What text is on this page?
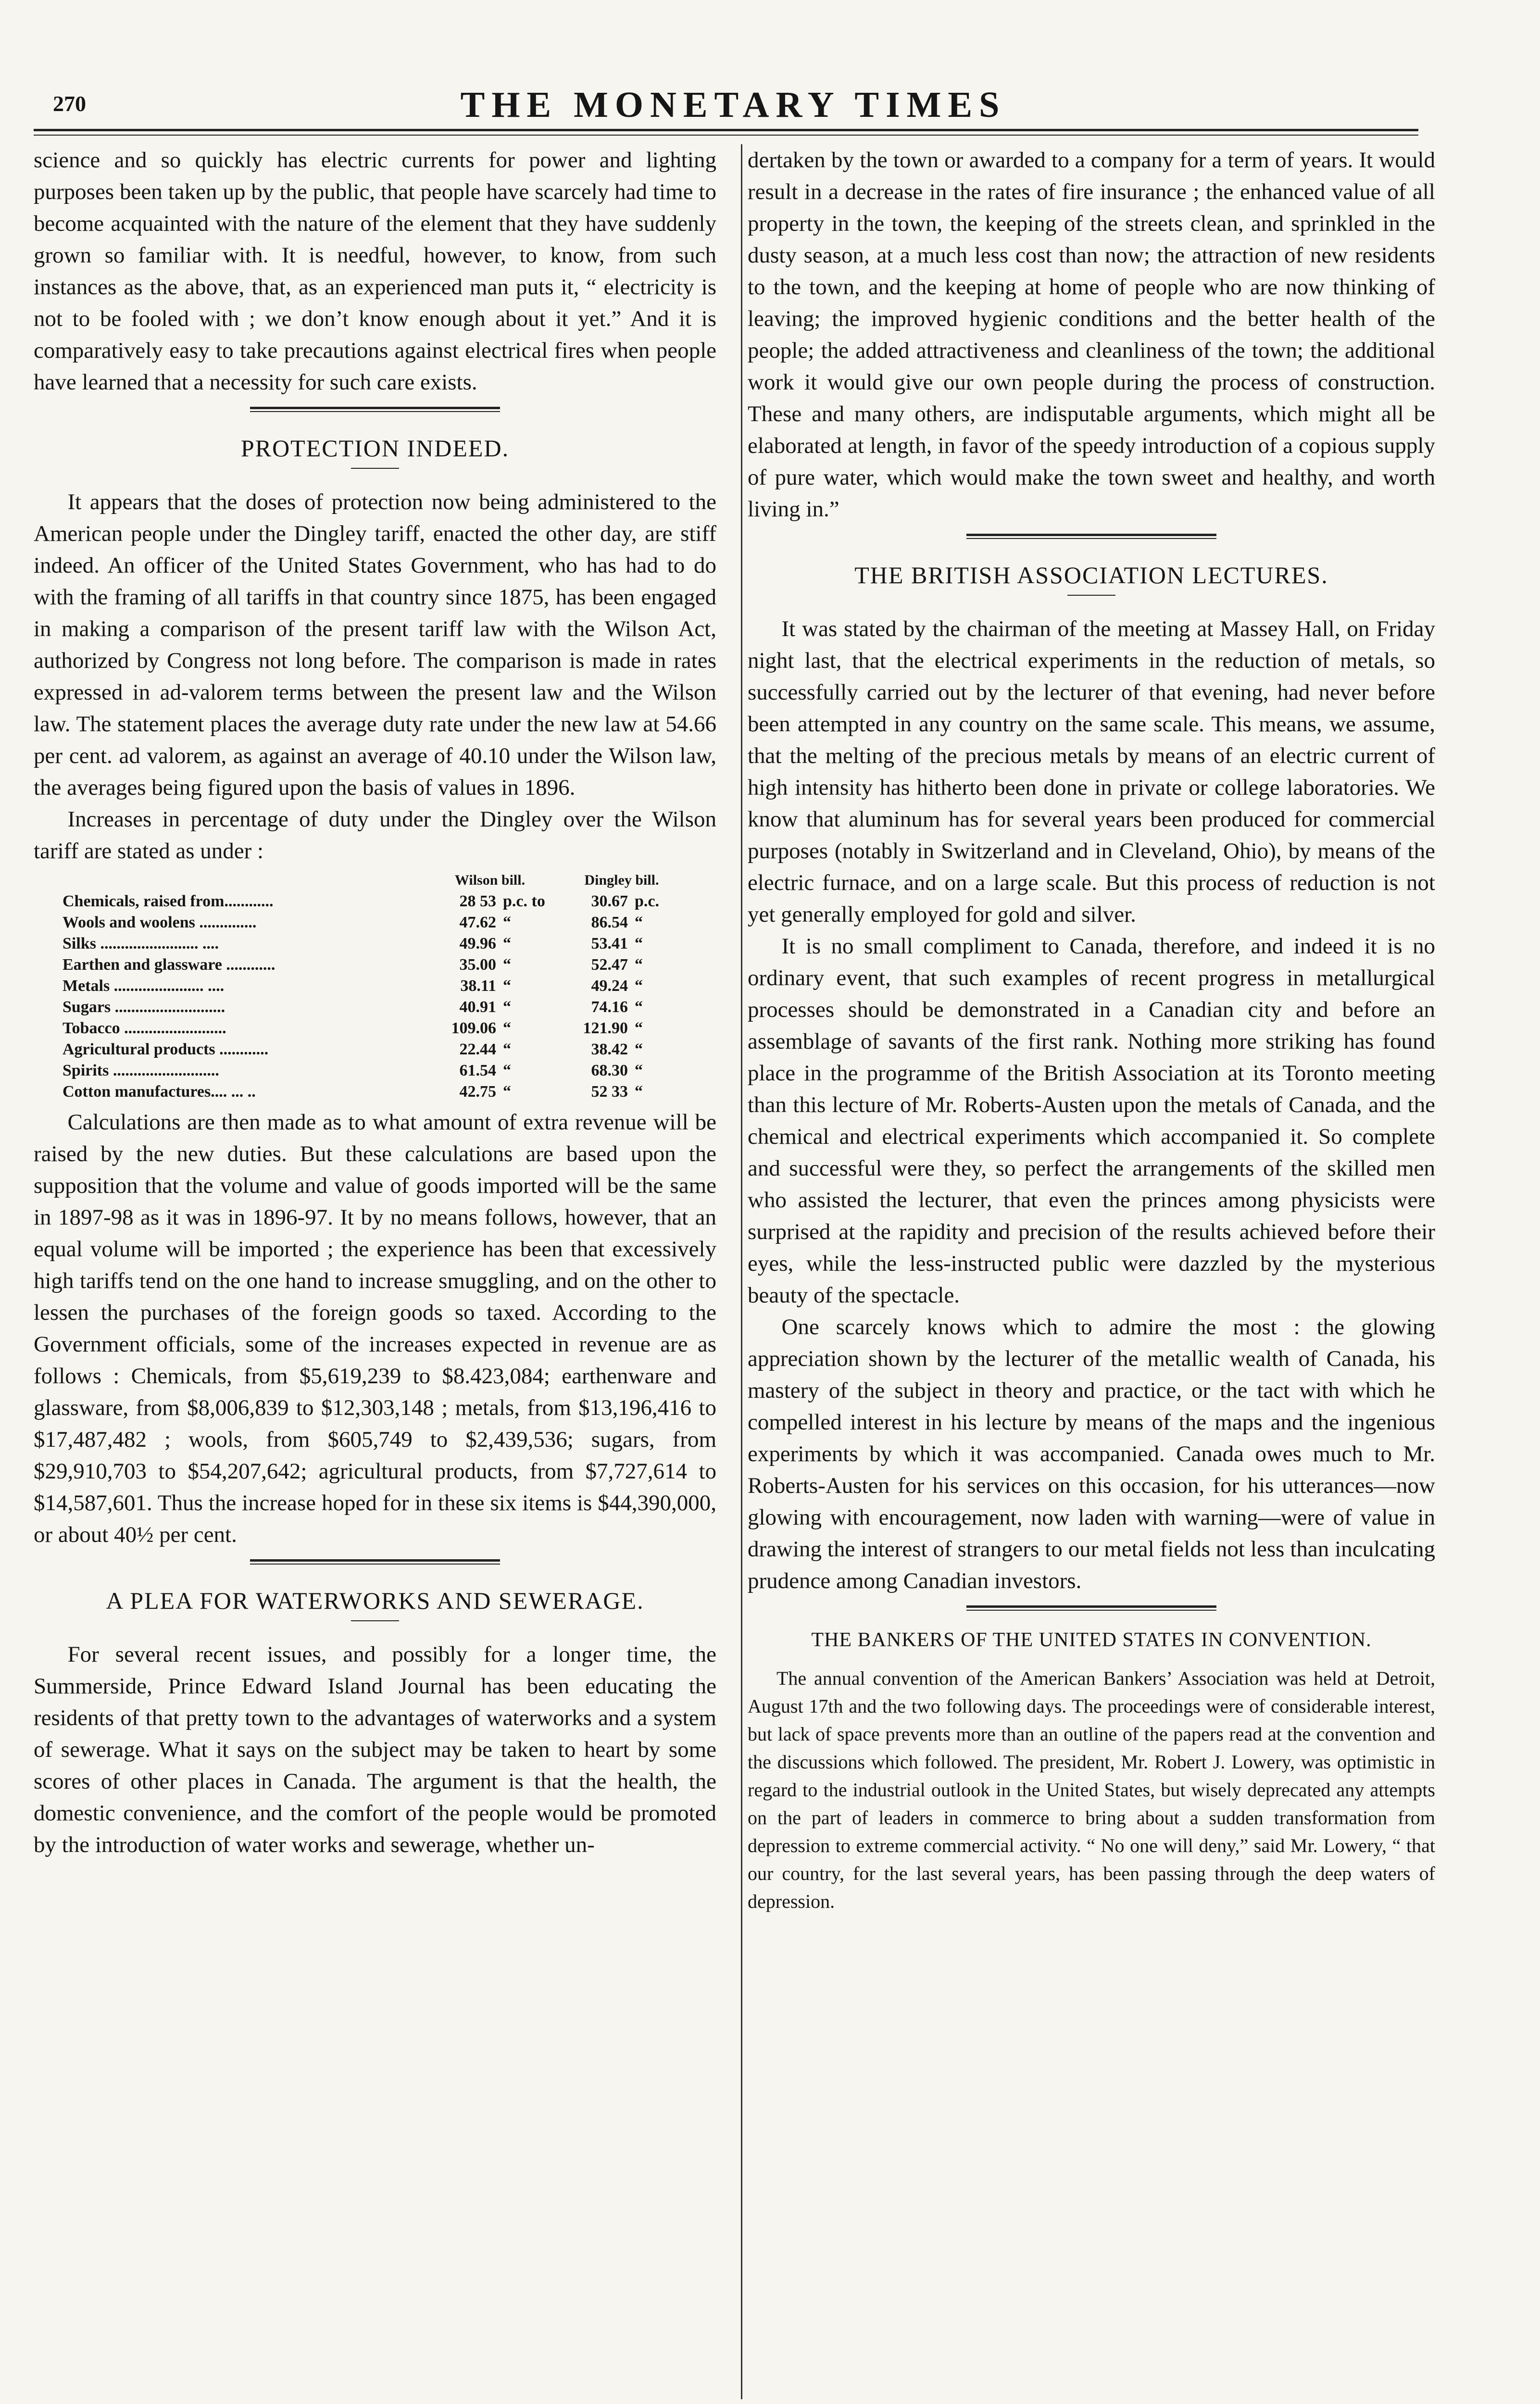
270	THE MONETARY TIMES

science and so quickly has electric currents for power and lighting purposes been taken up by the public, that people have scarcely had time to become acquainted with the nature of the element that they have suddenly grown so familiar with. It is needful, however, to know, from such instances as the above, that, as an experienced man puts it, “ electricity is not to be fooled with ; we don’t know enough about it yet.” And it is comparatively easy to take precautions against electrical fires when people have learned that a necessity for such care exists.

PROTECTION INDEED.

It appears that the doses of protection now being administered to the American people under the Dingley tariff, enacted the other day, are stiff indeed. An officer of the United States Government, who has had to do with the framing of all tariffs in that country since 1875, has been engaged in making a comparison of the present tariff law with the Wilson Act, authorized by Congress not long before. The comparison is made in rates expressed in ad-valorem terms between the present law and the Wilson law. The statement places the average duty rate under the new law at 54.66 per cent. ad valorem, as against an average of 40.10 under the Wilson law, the averages being figured upon the basis of values in 1896.

Increases in percentage of duty under the Dingley over the Wilson tariff are stated as under :

	Wilson bill.		Dingley bill.	
Chemicals, raised from............	28 53	p.c. to	30.67	p.c.
Wools and woolens ..............	47.62	“	86.54	“
Silks ........................ ....	49.96	“	53.41	“
Earthen and glassware ............	35.00	“	52.47	“
Metals ...................... ....	38.11	“	49.24	“
Sugars ...........................	40.91	“	74.16	“
Tobacco .........................	109.06	“	121.90	“
Agricultural products ............	22.44	“	38.42	“
Spirits ..........................	61.54	“	68.30	“
Cotton manufactures.... ... ..	42.75	“	52 33	“

Calculations are then made as to what amount of extra revenue will be raised by the new duties. But these calculations are based upon the supposition that the volume and value of goods imported will be the same in 1897-98 as it was in 1896-97. It by no means follows, however, that an equal volume will be imported ; the experience has been that excessively high tariffs tend on the one hand to increase smuggling, and on the other to lessen the purchases of the foreign goods so taxed. According to the Government officials, some of the increases expected in revenue are as follows : Chemicals, from $5,619,239 to $8.423,084; earthenware and glassware, from $8,006,839 to $12,303,148 ; metals, from $13,196,416 to $17,487,482 ; wools, from $605,749 to $2,439,536; sugars, from $29,910,703 to $54,207,642; agricultural products, from $7,727,614 to $14,587,601. Thus the increase hoped for in these six items is $44,390,000, or about 40½ per cent.

A PLEA FOR WATERWORKS AND SEWERAGE.

For several recent issues, and possibly for a longer time, the Summerside, Prince Edward Island Journal has been educating the residents of that pretty town to the advantages of waterworks and a system of sewerage. What it says on the subject may be taken to heart by some scores of other places in Canada. The argument is that the health, the domestic convenience, and the comfort of the people would be promoted by the introduction of water works and sewerage, whether un-

dertaken by the town or awarded to a company for a term of years. It would result in a decrease in the rates of fire insurance ; the enhanced value of all property in the town, the keeping of the streets clean, and sprinkled in the dusty season, at a much less cost than now; the attraction of new residents to the town, and the keeping at home of people who are now thinking of leaving; the improved hygienic conditions and the better health of the people; the added attractiveness and cleanliness of the town; the additional work it would give our own people during the process of construction. These and many others, are indisputable arguments, which might all be elaborated at length, in favor of the speedy introduction of a copious supply of pure water, which would make the town sweet and healthy, and worth living in.”

THE BRITISH ASSOCIATION LECTURES.

It was stated by the chairman of the meeting at Massey Hall, on Friday night last, that the electrical experiments in the reduction of metals, so successfully carried out by the lecturer of that evening, had never before been attempted in any country on the same scale. This means, we assume, that the melting of the precious metals by means of an electric current of high intensity has hitherto been done in private or college laboratories. We know that aluminum has for several years been produced for commercial purposes (notably in Switzerland and in Cleveland, Ohio), by means of the electric furnace, and on a large scale. But this process of reduction is not yet generally employed for gold and silver.

It is no small compliment to Canada, therefore, and indeed it is no ordinary event, that such examples of recent progress in metallurgical processes should be demonstrated in a Canadian city and before an assemblage of savants of the first rank. Nothing more striking has found place in the programme of the British Association at its Toronto meeting than this lecture of Mr. Roberts-Austen upon the metals of Canada, and the chemical and electrical experiments which accompanied it. So complete and successful were they, so perfect the arrangements of the skilled men who assisted the lecturer, that even the princes among physicists were surprised at the rapidity and precision of the results achieved before their eyes, while the less-instructed public were dazzled by the mysterious beauty of the spectacle.

One scarcely knows which to admire the most : the glowing appreciation shown by the lecturer of the metallic wealth of Canada, his mastery of the subject in theory and practice, or the tact with which he compelled interest in his lecture by means of the maps and the ingenious experiments by which it was accompanied. Canada owes much to Mr. Roberts-Austen for his services on this occasion, for his utterances—now glowing with encouragement, now laden with warning—were of value in drawing the interest of strangers to our metal fields not less than inculcating prudence among Canadian investors.

THE BANKERS OF THE UNITED STATES IN CONVENTION.

The annual convention of the American Bankers’ Association was held at Detroit, August 17th and the two following days. The proceedings were of considerable interest, but lack of space prevents more than an outline of the papers read at the convention and the discussions which followed. The president, Mr. Robert J. Lowery, was optimistic in regard to the industrial outlook in the United States, but wisely deprecated any attempts on the part of leaders in commerce to bring about a sudden transformation from depression to extreme commercial activity. “ No one will deny,” said Mr. Lowery, “ that our country, for the last several years, has been passing through the deep waters of depression.
